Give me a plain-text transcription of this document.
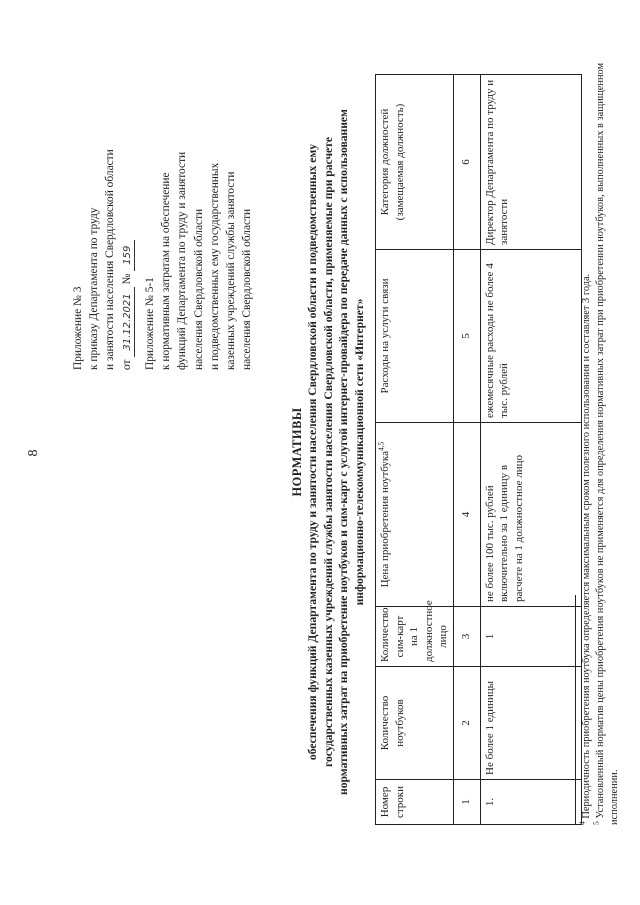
8
Приложение № 3 к приказу Департамента по труду и занятости населения Свердловской области от 31.12.2021 № 159
Приложение № 5-1 к нормативным затратам на обеспечение функций Департамента по труду и занятости населения Свердловской области и подведомственных ему государственных казенных учреждений службы занятости населения Свердловской области
НОРМАТИВЫ обеспечения функций Департамента по труду и занятости населения Свердловской области и подведомственных ему государственных казенных учреждений службы занятости населения Свердловской области, применяемые при расчете нормативных затрат на приобретение ноутбуков и сим-карт с услугой интернет-провайдера по передаче данных с использованием информационно-телекоммуникационной сети «Интернет»
Номер строки	Количество ноутбуков	Количество сим-карт на 1 должностное лицо	Цена приобретения ноутбука$^{4,5}$	Расходы на услуги связи	Категория должностей (замещаемая должность)
1	2	3	4	5	6
1.	Не более 1 единицы	1	не более 100 тыс. рублей включительно за 1 единицу в расчете на 1 должностное лицо	ежемесячные расходы не более 4 тыс. рублей	Директор Департамента по труду и занятости
$^4$ Периодичность приобретения ноутбука определяется максимальным сроком полезного использования и составляет 3 года.
$^5$ Установленный норматив цены приобретения ноутбуков не применяется для определения нормативных затрат при приобретении ноутбуков, выполненных в защищенном исполнении.
